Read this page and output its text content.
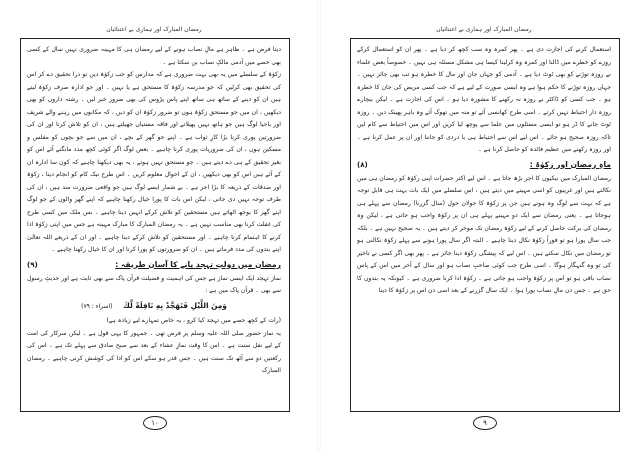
رمضان المبارک اور ہماری بے اعتنائیاں

دینا فرض ہے ۔ ظاہر ہے مالِ نصاب ہونے کے لیے رمضان ہی کا مہینہ ضروری نہیں سال کے کسی بھی حصے میں آدمی مالکِ نصاب بن سکتا ہے ۔

زکوٰۃ کے سلسلے میں یہ بھی بہت ضروری ہے کہ مدارس کو جب زکوٰۃ دیں تو ذرا تحقیق دے کر اس کی تحقیق بھی کرلیں کہ جو مدرسہ زکوٰۃ کا مستحق ہے یا نہیں ۔ اور جو ادارہ صرف زکوٰۃ لیتے ہیں ان کو دینے کے ساتھ ہی ساتھ اپنے پاس پڑوس کی بھی ضرور خبر لیں ۔ رشتہ داروں کو بھی دیکھیں ، ان میں جو مستحق زکوٰۃ ہوں تو ضرور زکوٰۃ ان کو دیں ، کہ مکانوں میں رہنے والے شریف اور باحیا لوگ ہیں جو ہاتھ نہیں پھیلاتے اور فاقہ مستیاں جھیلتے ہیں ، ان کو تلاش کرنا اور ان کی ضرورتیں پوری کرنا بڑا کارِ ثواب ہے ۔ اپنے جو گھر کے بچے ، ان میں سے جو بچوں کو مفلس و مسکین ہوں ، ان کی ضروریات پوری کرنا چاہیے ۔ بعض لوگ اگر کوئی کچھ مدد مانگنے آئے اس کو بغیر تحقیق کے ہی دے دیتے ہیں ۔ جو مستحق نہیں ہوتے ، یہ بھی دیکھنا چاہیے کہ کون سا ادارہ ان کے آئے ہیں اس کو بھی دیکھیں ، ان کے احوال معلوم کریں ۔ اس طرح نیک کام کو انجام دینا ، زکوٰۃ اور صدقات کے ذریعہ کا بڑا اجر ہے ۔ بے شمار ایسے لوگ ہیں جو واقعی ضرورت مند ہیں ، ان کی طرف توجہ نہیں دی جاتی ، لیکن اس بات کا پورا خیال رکھنا چاہیے کہ اپنے گھر والوں کے جو لوگ اپنے گھر کا بوجھ اٹھاتے ہیں مستحقین کو تلاش کرکے انہیں دینا چاہیے ۔ بس ملک میں کسی طرح کی غفلت کرنا بھی مناسب نہیں ہے ۔ یہ رمضان المبارک کا مبارک مہینہ ہے جس میں اپنی زکوٰۃ ادا کرنے کا اہتمام کرنا چاہیے ۔ اور مستحقین کو تلاش کرکے دینا چاہیے ۔ اور ان کے ذریعے اللہ تعالیٰ اپنے بندوں کی مدد فرماتے ہیں ۔ ان کو ضرورتوں کو پورا کرنا اور ان کا خیال رکھنا چاہیے ۔

رمضان میں دولتِ تہجد پانے کا آسان طریقہ :
(۹)

نماز تہجد ایک ایسی نماز ہے جس کی اہمیت و فضیلت قرآن پاک سے بھی ثابت ہے اور حدیثِ رسول سے بھی ۔ قرآن پاک میں ہے :

وَمِنَ اللَّيْلِ فَتَهَجَّدْ بِهِ نَافِلَةً لَّكَ (اسراء : ۷۹)

(رات کے کچھ حصے میں تہجد کیا کرو ، یہ خاص تمہارے لیے زیادہ ہے)

یہ نماز حضور صلی اللہ علیہ وسلم پر فرض تھی ۔ جمہور کا یہی قول ہے ۔ لیکن سرکار کی امت کے لیے نفل سنت ہے ۔ اس کا وقت نمازِ عشاء کے بعد سے صبح صادق سے پہلے تک ہے ۔ اس کی رکعتیں دو سے آٹھ تک سنت ہیں ۔ جس قدر ہو سکے اس کو ادا کی کوشش کرنی چاہیے ۔ رمضان المبارک

۱۰
رمضان المبارک اور ہماری بے اعتنائیاں

استعمال کرنے کی اجازت دی ہے ۔ پھر کمرہ وہ سب کچھ کر دیا ہے ۔ پھر ان کو استعمال کرکے روزے کو خطرے میں ڈالنا اور کمرہ وہ کرلینا کیسا ہی مشکل مسئلہ ہی نہیں ۔ خصوصاً بعض علماء نے روزہ توڑنے کو بھی ٹوٹ دیا ہے ۔ آدمی کو جہاں جان اور مال کا خطرہ ہو تب بھی جائز نہیں ۔ جہاں روزہ توڑنے کا حکم ہوا ہے وہ ایسی صورت کے لیے ہے کہ جب کسی مریض کی جان کا خطرہ ہو ۔ جب کسی کو ڈاکٹر نے روزہ نہ رکھنے کا مشورہ دیا ہو ۔ اس کی اجازت ہے ۔ لیکن بیچارے روزہ دار احتیاط نہیں کرتے ۔ اسی طرح کھانسی آئے تو منہ میں تھوک آئے وہ باہر پھینک دیں ۔ روزہ ٹوٹ جانے کا ڈر ہو تو ایسی مسئلوں میں علما سے پوچھ لیا کریں اور اس میں احتیاط سے کام لیں تاکہ روزہ صحیح ہو جائے ۔ اس لیے اس سے احتیاط ہی یا دردی کو جاننا اور ان پر عمل کرنا ہے ۔ اور روزہ رکھنے میں عظیم فائدہ کو حاصل کرنا ہے ۔

ماہِ رمضان اور زکوٰۃ :
(۸)

رمضان المبارک میں نیکیوں کا اجر بڑھ جاتا ہے ۔ اس لیے اکثر حضرات اپنی زکوٰۃ کو رمضان ہی میں نکالتے ہیں اور غریبوں کو اسی مہینے میں دیتے ہیں ، اس سلسلے میں ایک بات بہت ہی قابل توجہ ہے کہ بہت سے لوگ وہ ہوتے ہیں جن پر زکوٰۃ کا حولان حول (سال گزرنا) رمضان سے پہلے ہی ہوجاتا ہے ۔ یعنی رمضان سے ایک دو مہینے پہلے ہی ان پر زکوٰۃ واجب ہو جاتی ہے ، لیکن وہ رمضان کی برکت حاصل کرنے کے لیے زکوٰۃ رمضان تک موخر کر دیتے ہیں ۔ یہ صحیح نہیں ہے ۔ بلکہ جب سال پورا ہو تو فوراً زکوٰۃ نکال دینا چاہیے ۔ البتہ اگر سال پورا ہونے سے پہلے زکوٰۃ نکالنی ہو تو رمضان میں نکال سکتے ہیں ۔ اس لیے کہ پیشگی زکوٰۃ دینا جائز ہے ۔ پھر بھی اگر کسی نے تاخیر کی تو وہ گنہگار ہوگا ۔ اسی طرح جب کوئی صاحبِ نصاب ہو اور سال کے آخر میں اس کے پاس نصاب باقی ہو تو اس پر زکوٰۃ واجب ہو جاتی ہے ۔ زکوٰۃ ادا کرنا ضروری ہے ۔ کیونکہ یہ بندوں کا حق ہے ۔ جس دن مالِ نصاب پورا ہوا ۔ ایک سال گزرنے کے بعد اسی دن اس پر زکوٰۃ کا دینا

۹
